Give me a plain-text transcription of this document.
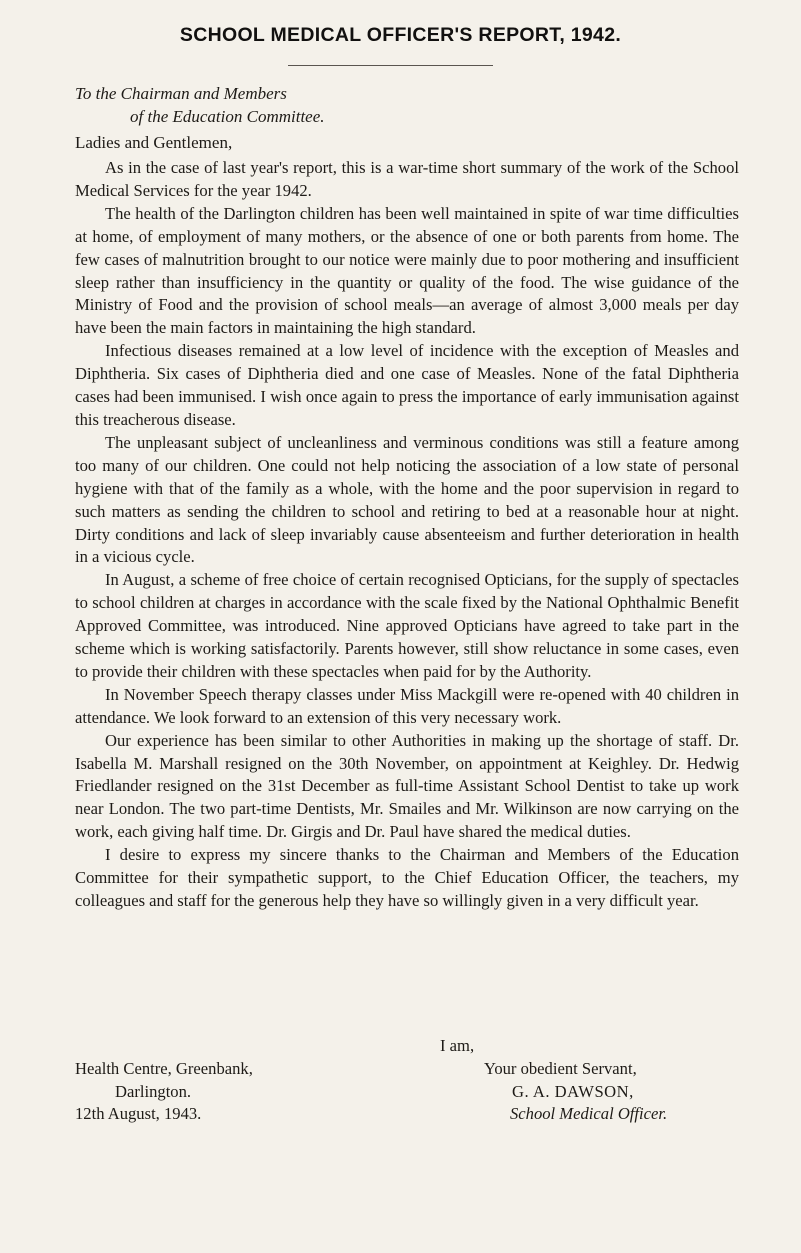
SCHOOL MEDICAL OFFICER'S REPORT, 1942.
To the Chairman and Members
of the Education Committee.
Ladies and Gentlemen,

As in the case of last year's report, this is a war-time short summary of the work of the School Medical Services for the year 1942.

The health of the Darlington children has been well maintained in spite of war time difficulties at home, of employment of many mothers, or the absence of one or both parents from home. The few cases of malnutrition brought to our notice were mainly due to poor mothering and insufficient sleep rather than insufficiency in the quantity or quality of the food. The wise guidance of the Ministry of Food and the provision of school meals—an average of almost 3,000 meals per day have been the main factors in maintaining the high standard.

Infectious diseases remained at a low level of incidence with the exception of Measles and Diphtheria. Six cases of Diphtheria died and one case of Measles. None of the fatal Diphtheria cases had been immunised. I wish once again to press the importance of early immunisation against this treacherous disease.

The unpleasant subject of uncleanliness and verminous conditions was still a feature among too many of our children. One could not help noticing the association of a low state of personal hygiene with that of the family as a whole, with the home and the poor supervision in regard to such matters as sending the children to school and retiring to bed at a reasonable hour at night. Dirty conditions and lack of sleep invariably cause absenteeism and further deterioration in health in a vicious cycle.

In August, a scheme of free choice of certain recognised Opticians, for the supply of spectacles to school children at charges in accordance with the scale fixed by the National Ophthalmic Benefit Approved Committee, was introduced. Nine approved Opticians have agreed to take part in the scheme which is working satisfactorily. Parents however, still show reluctance in some cases, even to provide their children with these spectacles when paid for by the Authority.

In November Speech therapy classes under Miss Mackgill were re-opened with 40 children in attendance. We look forward to an extension of this very necessary work.

Our experience has been similar to other Authorities in making up the shortage of staff. Dr. Isabella M. Marshall resigned on the 30th November, on appointment at Keighley. Dr. Hedwig Friedlander resigned on the 31st December as full-time Assistant School Dentist to take up work near London. The two part-time Dentists, Mr. Smailes and Mr. Wilkinson are now carrying on the work, each giving half time. Dr. Girgis and Dr. Paul have shared the medical duties.

I desire to express my sincere thanks to the Chairman and Members of the Education Committee for their sympathetic support, to the Chief Education Officer, the teachers, my colleagues and staff for the generous help they have so willingly given in a very difficult year.

I am,
Health Centre, Greenbank,
Darlington.
12th August, 1943.
Your obedient Servant,
G. A. DAWSON,
School Medical Officer.
